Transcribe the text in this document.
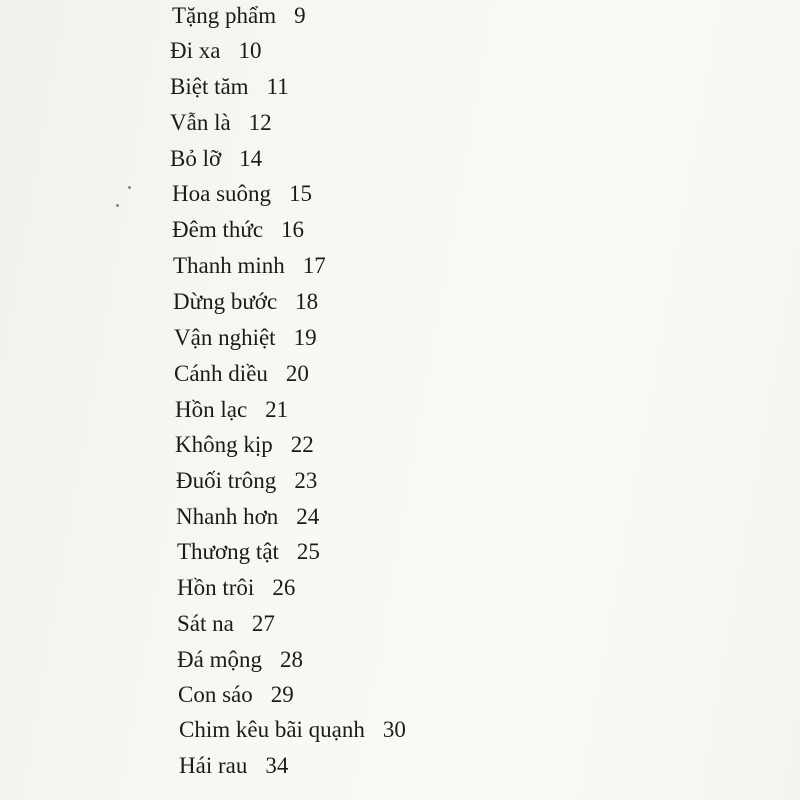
Tặng phẩm 9
Đi xa 10
Biệt tăm 11
Vẫn là 12
Bỏ lỡ 14
Hoa suông 15
Đêm thức 16
Thanh minh 17
Dừng bước 18
Vận nghiệt 19
Cánh diều 20
Hồn lạc 21
Không kịp 22
Đuối trông 23
Nhanh hơn 24
Thương tật 25
Hồn trôi 26
Sát na 27
Đá mộng 28
Con sáo 29
Chim kêu bãi quạnh 30
Hái rau 34
